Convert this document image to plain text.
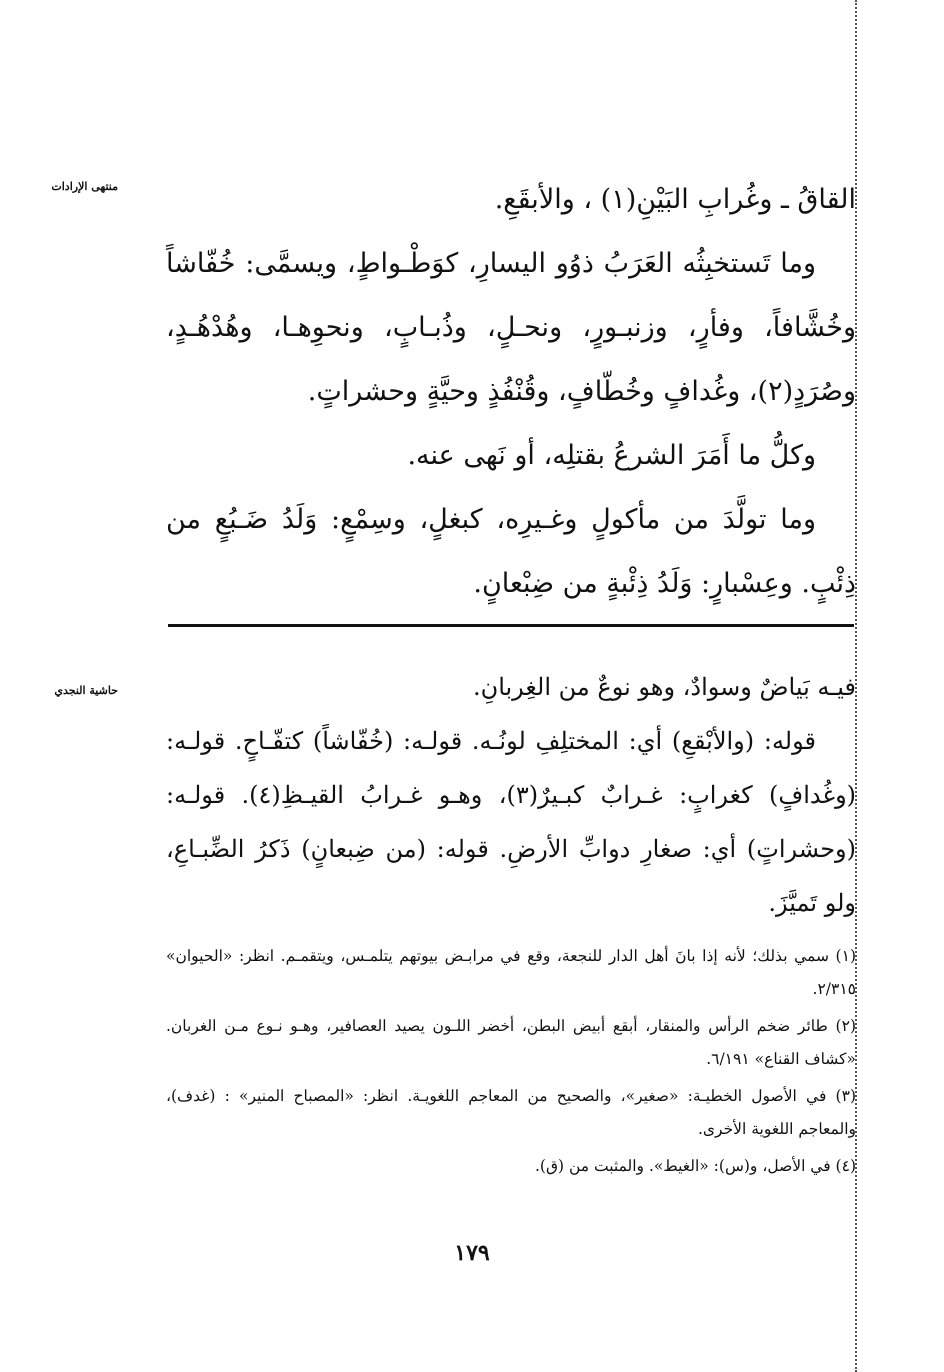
منتهى الإرادات
حاشية النجدي

القاقُ ـ وغُرابِ البَيْنِ(١) ، والأبقَعِ.

وما تَستخبِثُه العَرَبُ ذوُو اليسارِ، كوَطْـواطٍ، ويسمَّى: خُفّاشاً وخُشَّافاً، وفأرٍ، وزنبـورٍ، ونحـلٍ، وذُبـابٍ، ونحوِهـا، وهُدْهُـدٍ، وصُرَدٍ(٢)، وغُدافٍ وخُطّافٍ، وقُنْفُذٍ وحيَّةٍ وحشراتٍ.

وكلُّ ما أَمَرَ الشرعُ بقتلِه، أو نَهى عنه.

وما تولَّدَ من مأكولٍ وغـيرِه، كبغلٍ، وسِمْعٍ: وَلَدُ ضَـبُعٍ من ذِئْبٍ. وعِسْبارٍ: وَلَدُ ذِئْبةٍ من ضِبْعانٍ.

فيـه بَياضٌ وسوادٌ، وهو نوعٌ من الغِربانِ.

قوله: (والأبْقعِ) أي: المختلِفِ لونُـه. قولـه: (خُفّاشاً) كتفّـاحٍ. قولـه: (وغُدافٍ) كغرابٍ: غـرابٌ كبـيرٌ(٣)، وهـو غـرابُ القيـظِ(٤). قولـه: (وحشراتٍ) أي: صغارِ دوابِّ الأرضِ. قوله: (من ضِبعانٍ) ذَكرُ الضِّبـاعِ، ولو تَميَّزَ.

(١) سمي بذلك؛ لأنه إذا بانَ أهل الدار للنجعة، وقع في مرابـض بيوتهم يتلمـس، ويتقمـم. انظر: «الحيوان» ٢/٣١٥.

(٢) طائر ضخم الرأس والمنقار، أبقع أبيض البطن، أخضر اللـون يصيد العصافير، وهـو نـوع مـن الغربان. «كشاف القناع» ٦/١٩١.

(٣) في الأصول الخطيـة: «صغير»، والصحيح من المعاجم اللغويـة. انظر: «المصباح المنير» : (غدف)، والمعاجم اللغوية الأخرى.

(٤) في الأصل، و(س): «الغيط». والمثبت من (ق).

١٧٩
